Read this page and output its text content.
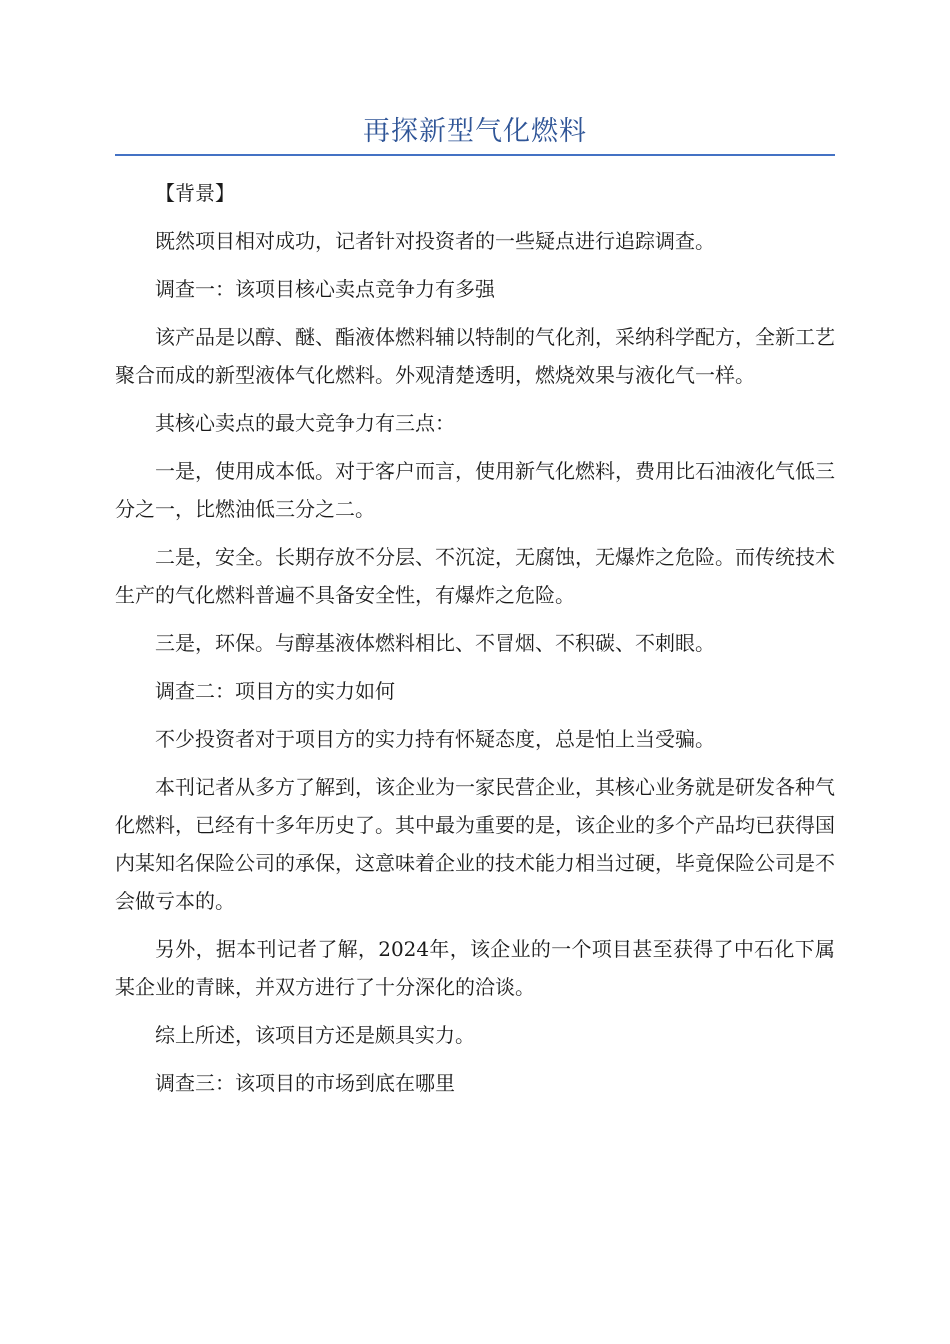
再探新型气化燃料

【背景】

既然项目相对成功，记者针对投资者的一些疑点进行追踪调查。

调查一：该项目核心卖点竞争力有多强

该产品是以醇、醚、酯液体燃料辅以特制的气化剂，采纳科学配方，全新工艺聚合而成的新型液体气化燃料。外观清楚透明，燃烧效果与液化气一样。

其核心卖点的最大竞争力有三点：

一是，使用成本低。对于客户而言，使用新气化燃料，费用比石油液化气低三分之一，比燃油低三分之二。

二是，安全。长期存放不分层、不沉淀，无腐蚀，无爆炸之危险。而传统技术生产的气化燃料普遍不具备安全性，有爆炸之危险。

三是，环保。与醇基液体燃料相比、不冒烟、不积碳、不刺眼。

调查二：项目方的实力如何

不少投资者对于项目方的实力持有怀疑态度，总是怕上当受骗。

本刊记者从多方了解到，该企业为一家民营企业，其核心业务就是研发各种气化燃料，已经有十多年历史了。其中最为重要的是，该企业的多个产品均已获得国内某知名保险公司的承保，这意味着企业的技术能力相当过硬，毕竟保险公司是不会做亏本的。

另外，据本刊记者了解，2024年，该企业的一个项目甚至获得了中石化下属某企业的青睐，并双方进行了十分深化的洽谈。

综上所述，该项目方还是颇具实力。

调查三：该项目的市场到底在哪里
